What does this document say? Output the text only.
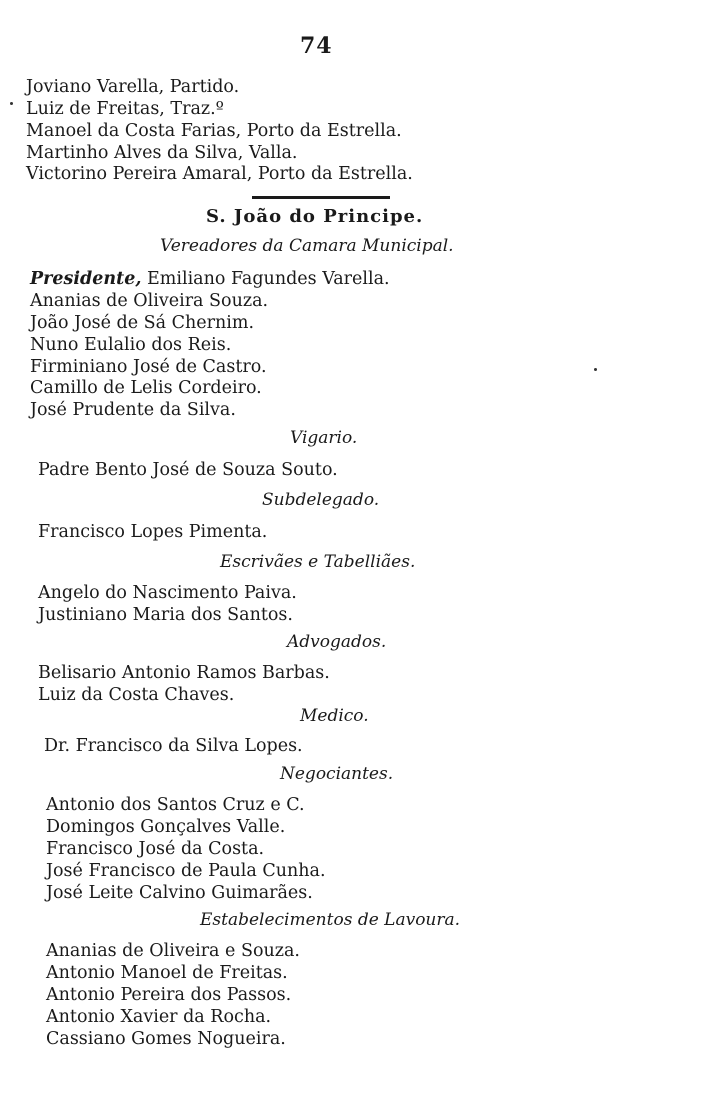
74
Joviano Varella, Partido.
Luiz de Freitas, Traz.º
Manoel da Costa Farias, Porto da Estrella.
Martinho Alves da Silva, Valla.
Victorino Pereira Amaral, Porto da Estrella.
S. João do Principe.
Vereadores da Camara Municipal.
Presidente, Emiliano Fagundes Varella.
Ananias de Oliveira Souza.
João José de Sá Chernim.
Nuno Eulalio dos Reis.
Firminiano José de Castro.
Camillo de Lelis Cordeiro.
José Prudente da Silva.
Vigario.
Padre Bento José de Souza Souto.
Subdelegado.
Francisco Lopes Pimenta.
Escrivães e Tabelliães.
Angelo do Nascimento Paiva.
Justiniano Maria dos Santos.
Advogados.
Belisario Antonio Ramos Barbas.
Luiz da Costa Chaves.
Medico.
Dr. Francisco da Silva Lopes.
Negociantes.
Antonio dos Santos Cruz e C.
Domingos Gonçalves Valle.
Francisco José da Costa.
José Francisco de Paula Cunha.
José Leite Calvino Guimarães.
Estabelecimentos de Lavoura.
Ananias de Oliveira e Souza.
Antonio Manoel de Freitas.
Antonio Pereira dos Passos.
Antonio Xavier da Rocha.
Cassiano Gomes Nogueira.
